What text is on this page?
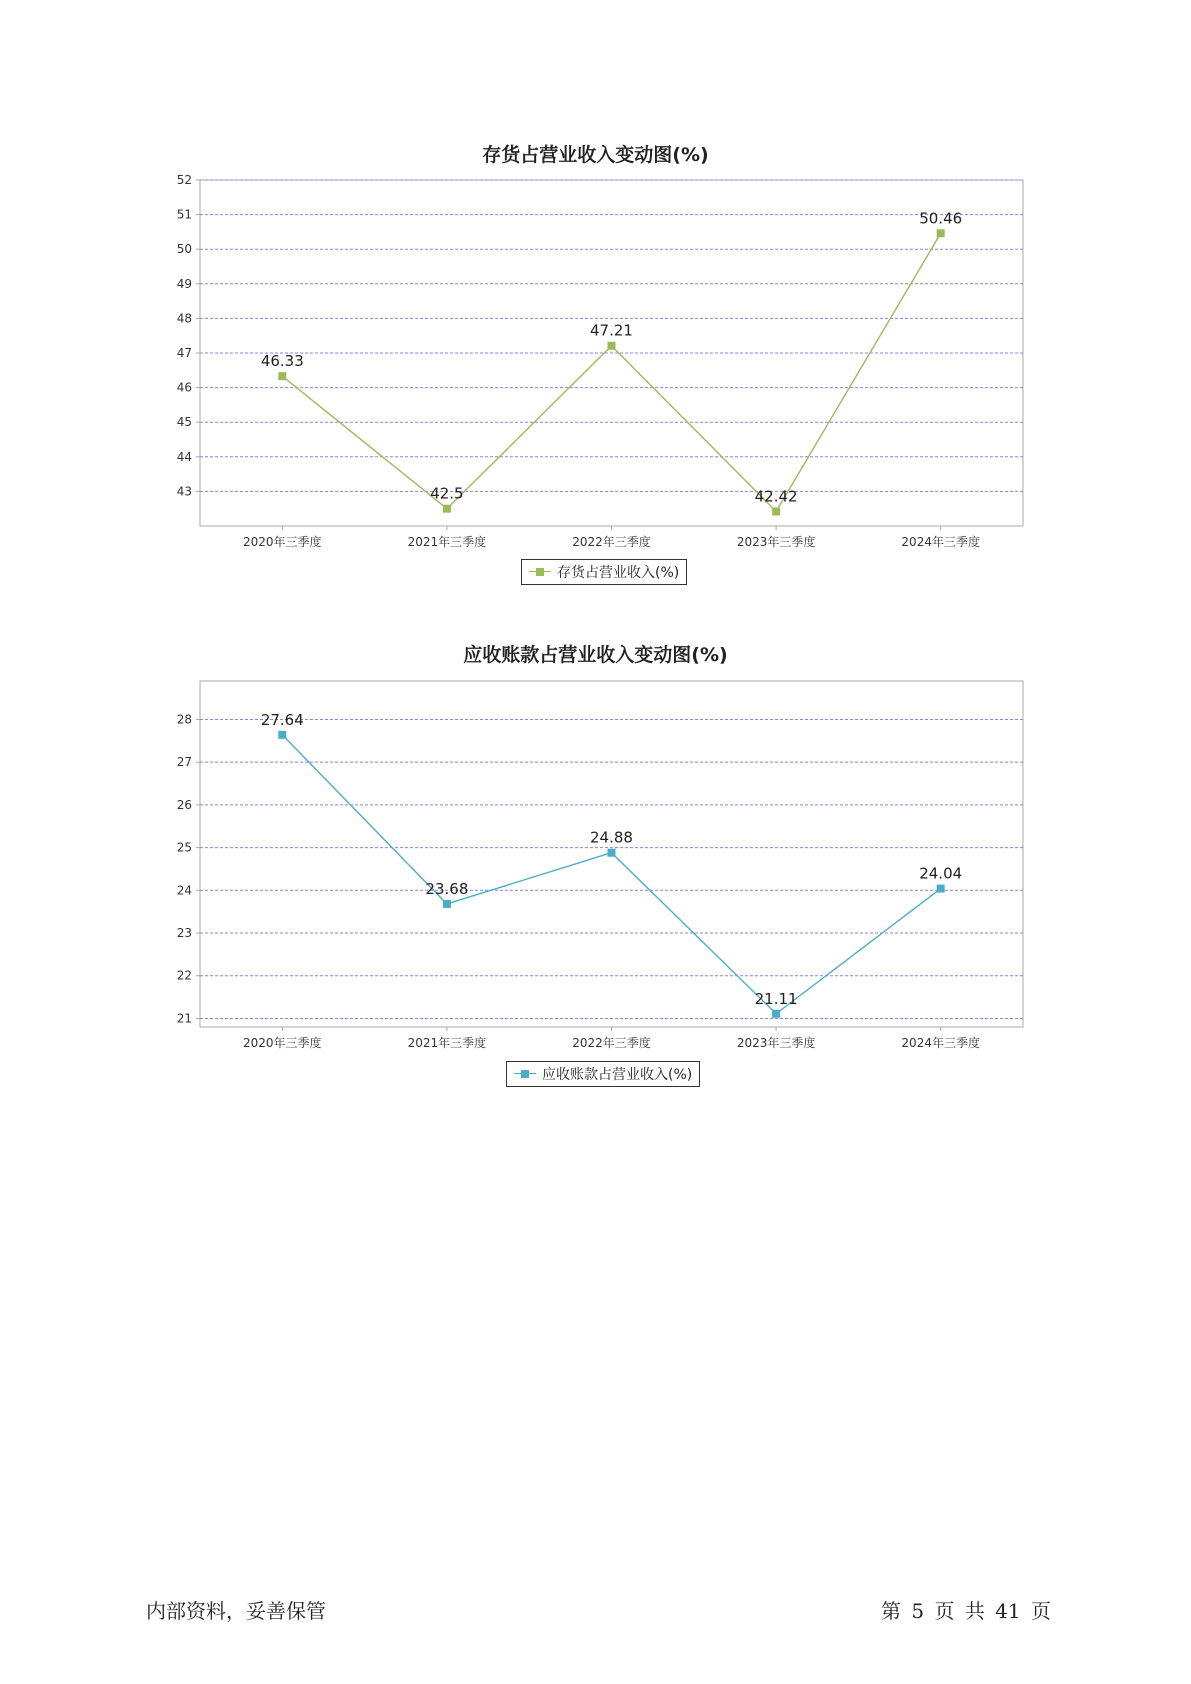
存货占营业收入变动图(%)
43
44
45
46
47
48
49
50
51
52
2020年三季度	2021年三季度	2022年三季度	2023年三季度	2024年三季度
46.33
42.5
47.21
42.42
50.46
存货占营业收入(%)
应收账款占营业收入变动图(%)
21
22
23
24
25
26
27
28
2020年三季度	2021年三季度	2022年三季度	2023年三季度	2024年三季度
27.64
23.68
24.88
21.11
24.04
应收账款占营业收入(%)
内部资料，妥善保管	第 5 页 共 41 页
